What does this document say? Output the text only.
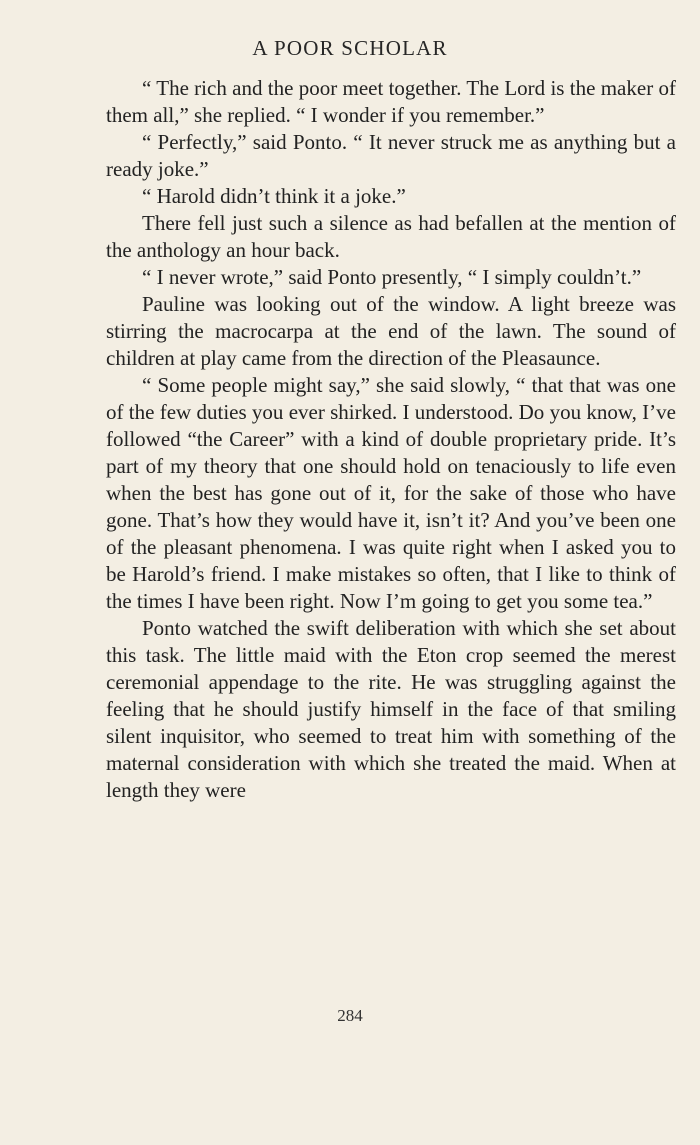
A POOR SCHOLAR

“ The rich and the poor meet together. The Lord is the maker of them all,” she replied. “ I wonder if you remember.”

“ Perfectly,” said Ponto. “ It never struck me as anything but a ready joke.”

“ Harold didn’t think it a joke.”

There fell just such a silence as had befallen at the mention of the anthology an hour back.

“ I never wrote,” said Ponto presently, “ I simply couldn’t.”

Pauline was looking out of the window. A light breeze was stirring the macrocarpa at the end of the lawn. The sound of children at play came from the direction of the Pleasaunce.

“ Some people might say,” she said slowly, “ that that was one of the few duties you ever shirked. I understood. Do you know, I’ve followed “the Career” with a kind of double proprietary pride. It’s part of my theory that one should hold on tenaciously to life even when the best has gone out of it, for the sake of those who have gone. That’s how they would have it, isn’t it? And you’ve been one of the pleasant phenomena. I was quite right when I asked you to be Harold’s friend. I make mistakes so often, that I like to think of the times I have been right. Now I’m going to get you some tea.”

Ponto watched the swift deliberation with which she set about this task. The little maid with the Eton crop seemed the merest ceremonial appendage to the rite. He was struggling against the feeling that he should justify himself in the face of that smiling silent inquisitor, who seemed to treat him with something of the maternal consideration with which she treated the maid. When at length they were

284
